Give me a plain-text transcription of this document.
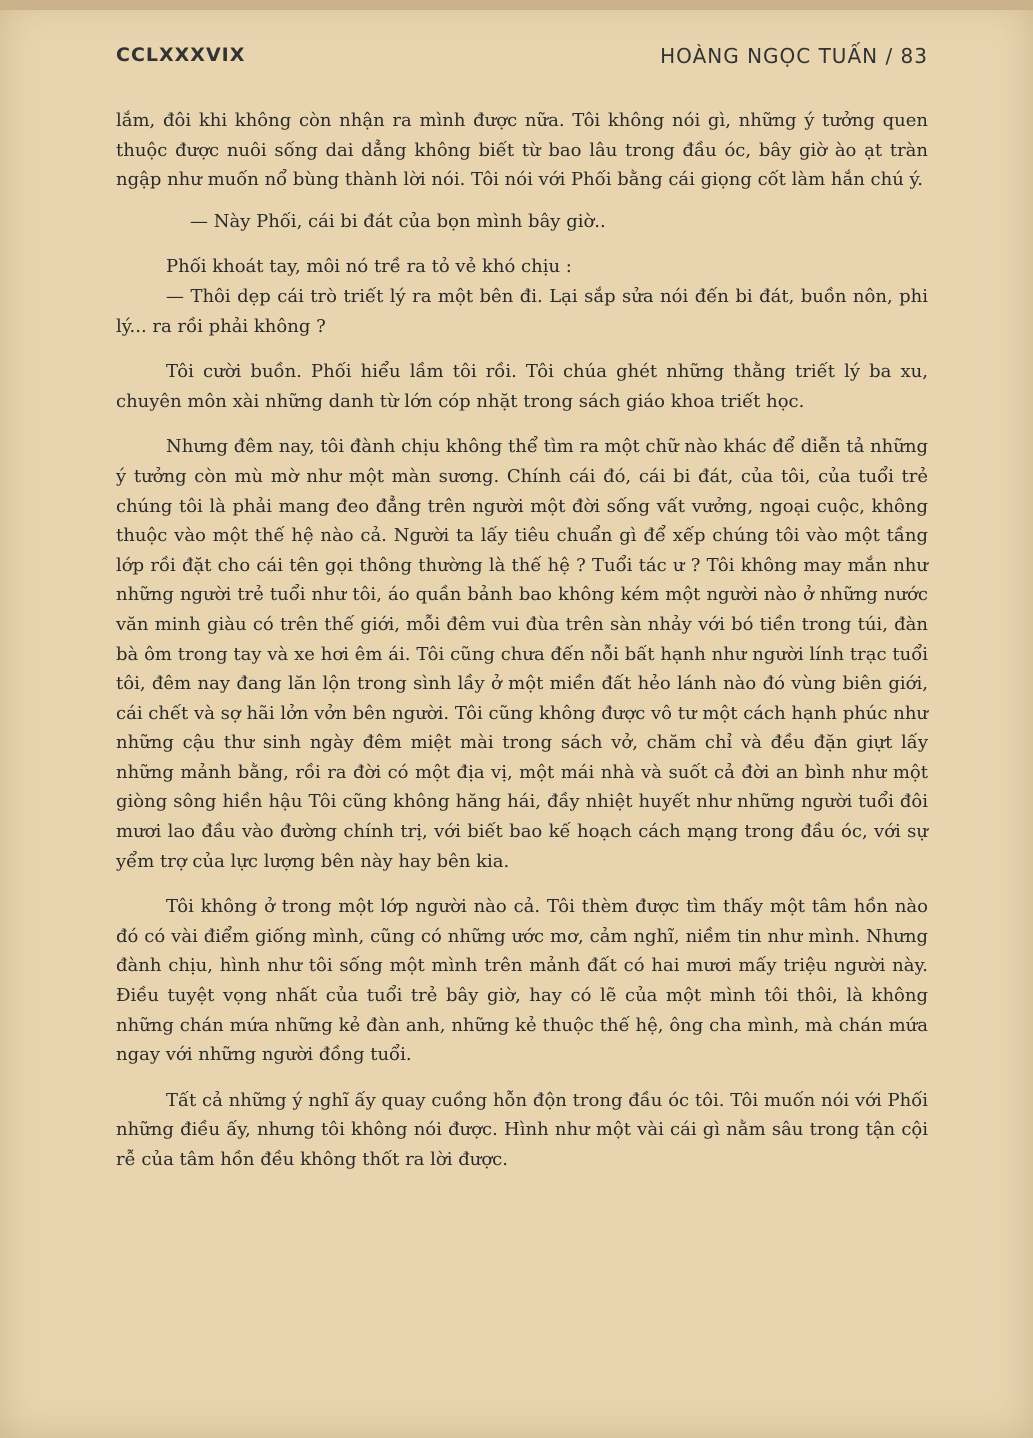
CCLXXXVIX	HOÀNG NGỌC TUẤN / 83

lắm, đôi khi không còn nhận ra mình được nữa. Tôi không nói gì, những ý tưởng quen thuộc được nuôi sống dai dẳng không biết từ bao lâu trong đầu óc, bây giờ ào ạt tràn ngập như muốn nổ bùng thành lời nói. Tôi nói với Phối bằng cái giọng cốt làm hắn chú ý.

— Này Phối, cái bi đát của bọn mình bây giờ..

Phối khoát tay, môi nó trề ra tỏ vẻ khó chịu :

— Thôi dẹp cái trò triết lý ra một bên đi. Lại sắp sửa nói đến bi đát, buồn nôn, phi lý... ra rồi phải không ?

Tôi cười buồn. Phối hiểu lầm tôi rồi. Tôi chúa ghét những thằng triết lý ba xu, chuyên môn xài những danh từ lớn cóp nhặt trong sách giáo khoa triết học.

Nhưng đêm nay, tôi đành chịu không thể tìm ra một chữ nào khác để diễn tả những ý tưởng còn mù mờ như một màn sương. Chính cái đó, cái bi đát, của tôi, của tuổi trẻ chúng tôi là phải mang đeo đẳng trên người một đời sống vất vưởng, ngoại cuộc, không thuộc vào một thế hệ nào cả. Người ta lấy tiêu chuẩn gì để xếp chúng tôi vào một tầng lớp rồi đặt cho cái tên gọi thông thường là thế hệ ? Tuổi tác ư ? Tôi không may mắn như những người trẻ tuổi như tôi, áo quần bảnh bao không kém một người nào ở những nước văn minh giàu có trên thế giới, mỗi đêm vui đùa trên sàn nhảy với bó tiền trong túi, đàn bà ôm trong tay và xe hơi êm ái. Tôi cũng chưa đến nỗi bất hạnh như người lính trạc tuổi tôi, đêm nay đang lăn lộn trong sình lầy ở một miền đất hẻo lánh nào đó vùng biên giới, cái chết và sợ hãi lởn vởn bên người. Tôi cũng không được vô tư một cách hạnh phúc như những cậu thư sinh ngày đêm miệt mài trong sách vở, chăm chỉ và đều đặn giựt lấy những mảnh bằng, rồi ra đời có một địa vị, một mái nhà và suốt cả đời an bình như một giòng sông hiền hậu Tôi cũng không hăng hái, đầy nhiệt huyết như những người tuổi đôi mươi lao đầu vào đường chính trị, với biết bao kế hoạch cách mạng trong đầu óc, với sự yểm trợ của lực lượng bên này hay bên kia.

Tôi không ở trong một lớp người nào cả. Tôi thèm được tìm thấy một tâm hồn nào đó có vài điểm giống mình, cũng có những ước mơ, cảm nghĩ, niềm tin như mình. Nhưng đành chịu, hình như tôi sống một mình trên mảnh đất có hai mươi mấy triệu người này. Điều tuyệt vọng nhất của tuổi trẻ bây giờ, hay có lẽ của một mình tôi thôi, là không những chán mứa những kẻ đàn anh, những kẻ thuộc thế hệ, ông cha mình, mà chán mứa ngay với những người đồng tuổi.

Tất cả những ý nghĩ ấy quay cuồng hỗn độn trong đầu óc tôi. Tôi muốn nói với Phối những điều ấy, nhưng tôi không nói được. Hình như một vài cái gì nằm sâu trong tận cội rễ của tâm hồn đều không thốt ra lời được.
